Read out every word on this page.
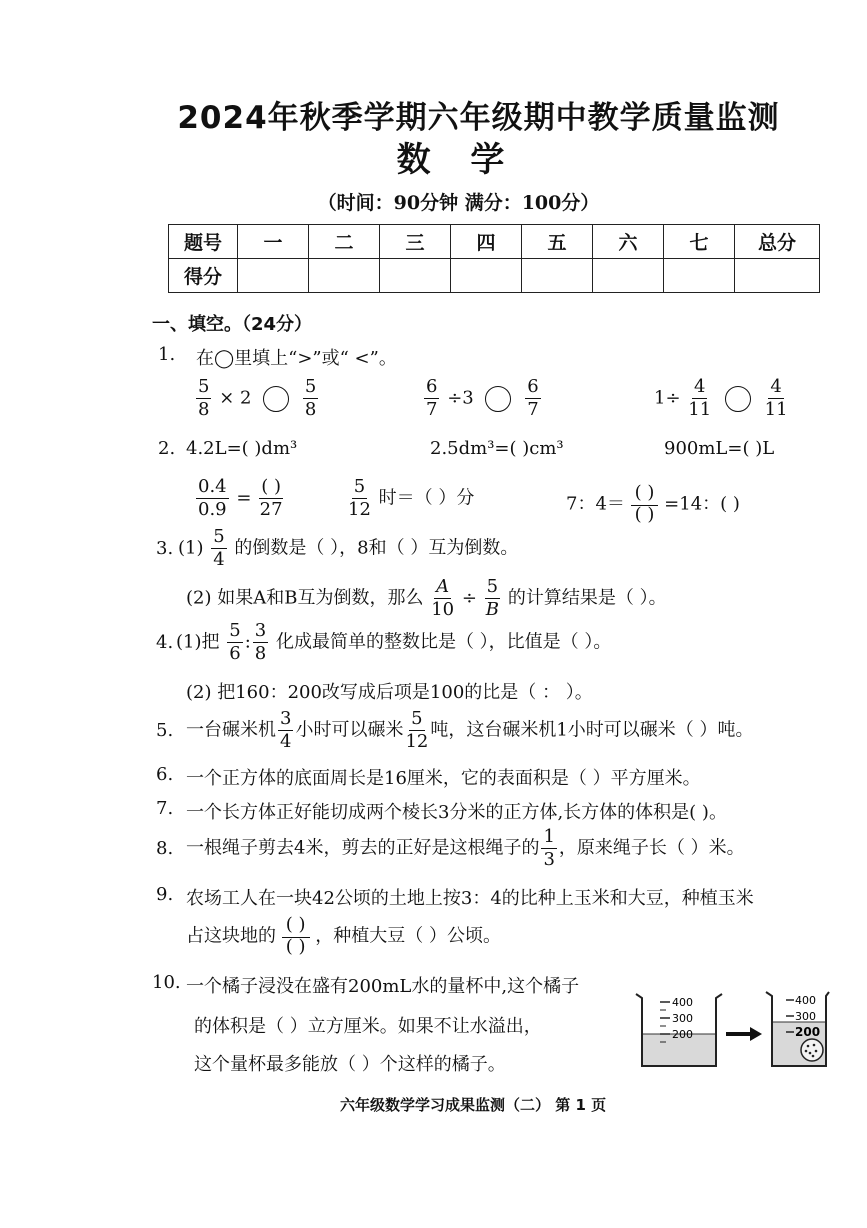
2024年秋季学期六年级期中教学质量监测
数 学
（时间：90分钟 满分：100分）
题号	一	二	三	四	五	六	七	总分
得分								
一、填空。（24分）
1. 在◯里填上“>”或“ <”。
$\frac{5}{8} \times 2$	$\frac{5}{8}$	$\frac{6}{7} \div 3$	$\frac{6}{7}$	$1\div \frac{4}{11}$
	$\frac{4}{11}$
2. 4.2L=( )dm³	2.5dm³=( )cm³	900mL=( )L
$\frac{0.4}{0.9} = \frac{( )}{27}$	$\frac{5}{12}$ 时＝（ ）分	7：4＝
( )
( ) =14：( )
3. $(1) \frac{5}{4}$ 的倒数是（ ），8和（ ）互为倒数。
(2) 如果A和B互为倒数，那么 $\frac{A}{10} \div \frac{5}{B}$ 的计算结果是（ ）。
4. (1)把 $\frac{5}{6}$ : $\frac{3}{8}$ 化成最简单的整数比是（ ），比值是（ ）。
(2) 把160：200改写成后项是100的比是（ ： ）。
5. 一台碾米机 $\frac{3}{4}$ 小时可以碾米 $\frac{5}{12}$ 吨，这台碾米机1小时可以碾米（ ）吨。
6. 一个正方体的底面周长是16厘米，它的表面积是（ ）平方厘米。
7. 一个长方体正好能切成两个棱长3分米的正方体,长方体的体积是( )。
8. 一根绳子剪去4米，剪去的正好是这根绳子的 $\frac{1}{3}$ ，原来绳子长（ ）米。
9. 农场工人在一块42公顷的土地上按3：4的比种上玉米和大豆，种植玉米
占这块地的
( )
( ) ，种植大豆（ ）公顷。
10. 一个橘子浸没在盛有200mL水的量杯中,这个橘子
的体积是（ ）立方厘米。如果不让水溢出，
这个量杯最多能放（ ）个这样的橘子。
400
300
200
400
300
200
六年级数学学习成果监测（二） 第 1 页
